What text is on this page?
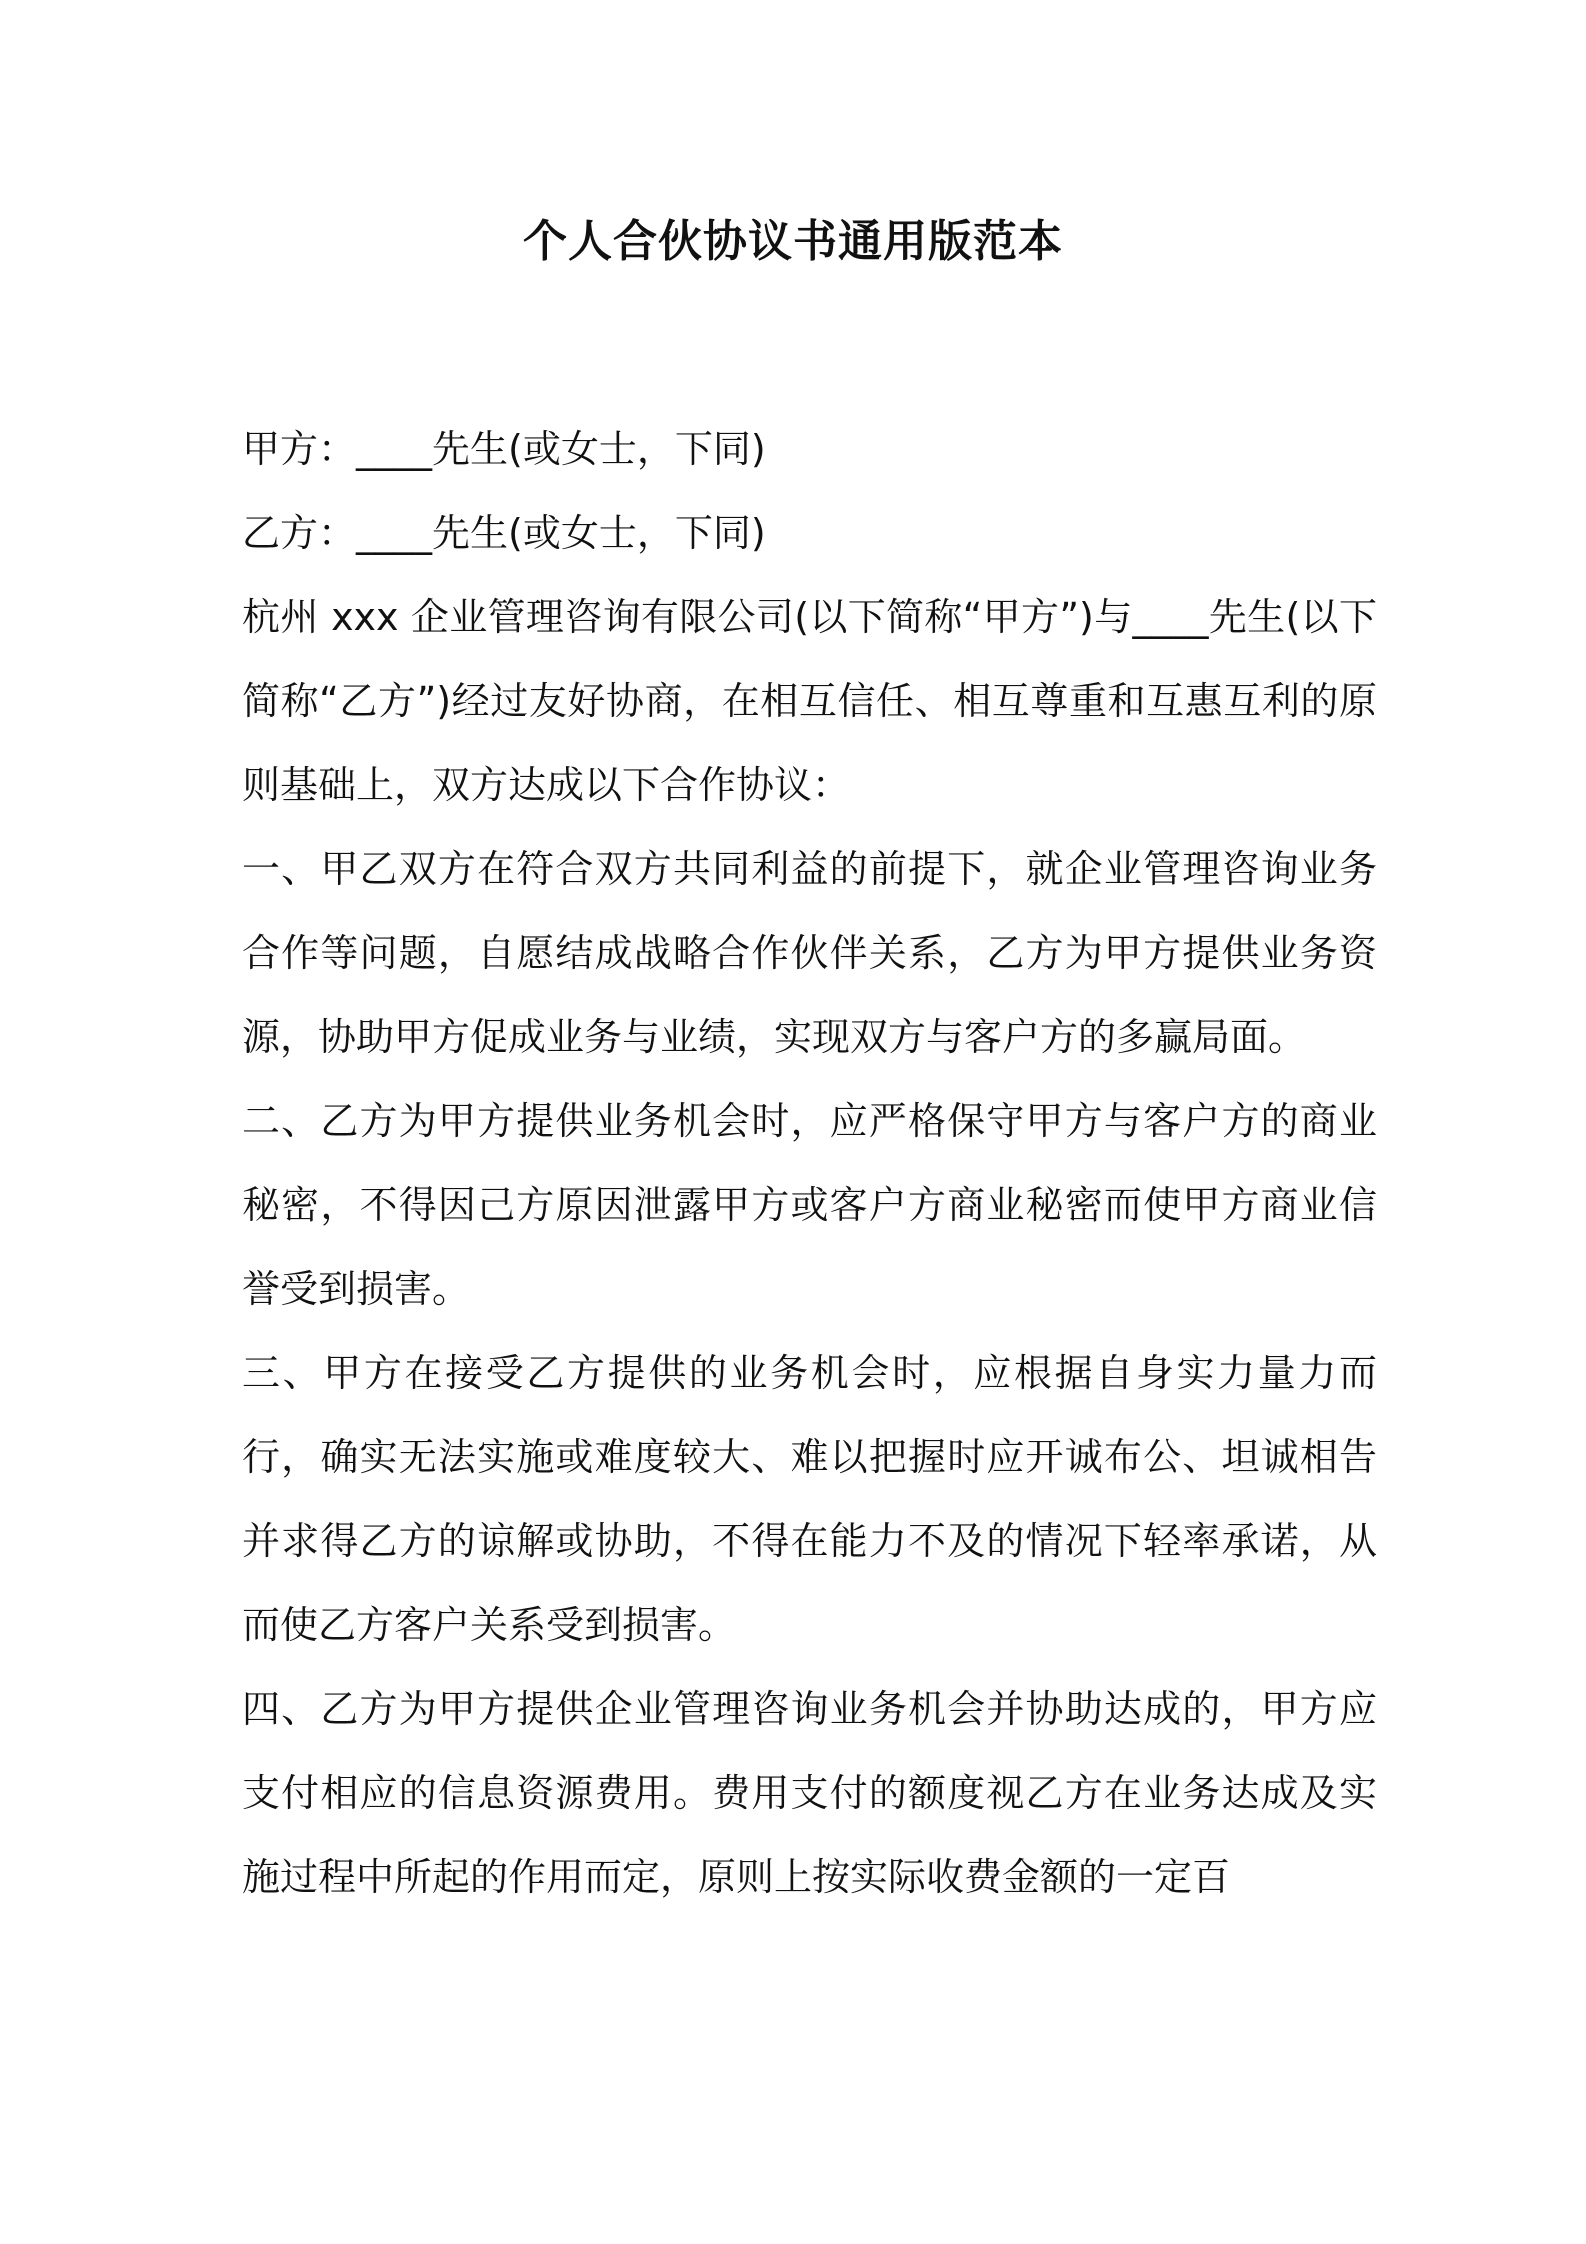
个人合伙协议书通用版范本

甲方：____先生(或女士，下同)

乙方：____先生(或女士，下同)

杭州 xxx 企业管理咨询有限公司(以下简称“甲方”)与____先生(以下简称“乙方”)经过友好协商，在相互信任、相互尊重和互惠互利的原则基础上，双方达成以下合作协议：

一、甲乙双方在符合双方共同利益的前提下，就企业管理咨询业务合作等问题，自愿结成战略合作伙伴关系，乙方为甲方提供业务资源，协助甲方促成业务与业绩，实现双方与客户方的多赢局面。

二、乙方为甲方提供业务机会时，应严格保守甲方与客户方的商业秘密，不得因己方原因泄露甲方或客户方商业秘密而使甲方商业信誉受到损害。

三、甲方在接受乙方提供的业务机会时，应根据自身实力量力而行，确实无法实施或难度较大、难以把握时应开诚布公、坦诚相告并求得乙方的谅解或协助，不得在能力不及的情况下轻率承诺，从而使乙方客户关系受到损害。

四、乙方为甲方提供企业管理咨询业务机会并协助达成的，甲方应支付相应的信息资源费用。费用支付的额度视乙方在业务达成及实施过程中所起的作用而定，原则上按实际收费金额的一定百
